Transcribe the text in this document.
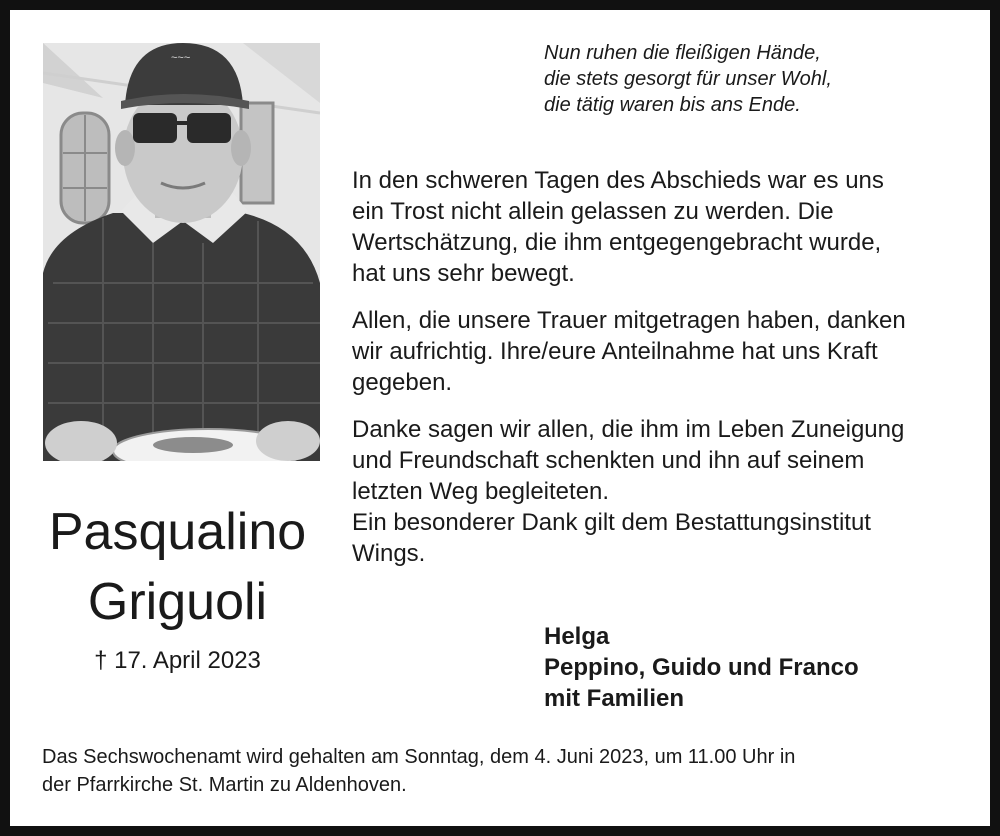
~~~
Pasqualino
Griguoli
† 17. April 2023
Nun ruhen die fleißigen Hände,
die stets gesorgt für unser Wohl,
die tätig waren bis ans Ende.

In den schweren Tagen des Abschieds war es uns
ein Trost nicht allein gelassen zu werden. Die
Wertschätzung, die ihm entgegengebracht wurde,
hat uns sehr bewegt.

Allen, die unsere Trauer mitgetragen haben, danken
wir aufrichtig. Ihre/eure Anteilnahme hat uns Kraft
gegeben.

Danke sagen wir allen, die ihm im Leben Zuneigung
und Freundschaft schenkten und ihn auf seinem
letzten Weg begleiteten.
Ein besonderer Dank gilt dem Bestattungsinstitut
Wings.

Helga
Peppino, Guido und Franco
mit Familien
Das Sechswochenamt wird gehalten am Sonntag, dem 4. Juni 2023, um 11.00 Uhr in
der Pfarrkirche St. Martin zu Aldenhoven.
